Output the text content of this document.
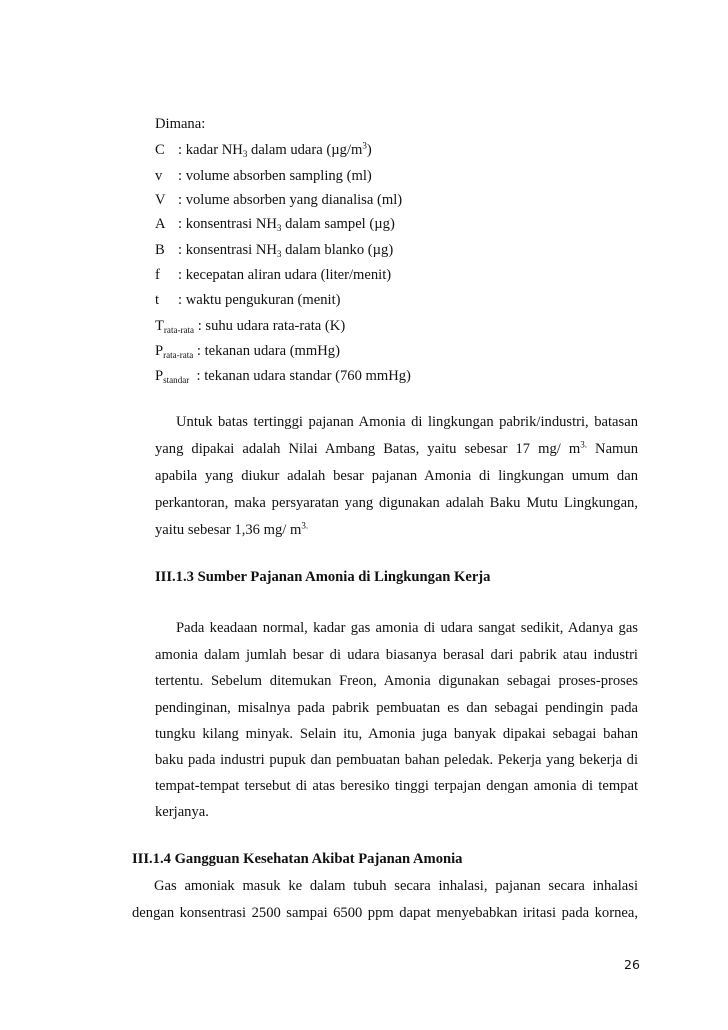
Dimana:
C : kadar $NH_3$ dalam udara $(\mu g/m^3)$
v : volume absorben sampling (ml)
V : volume absorben yang dianalisa (ml)
A : konsentrasi $NH_3$ dalam sampel (µg)
B : konsentrasi $NH_3$ dalam blanko (µg)
f : kecepatan aliran udara (liter/menit)
t : waktu pengukuran (menit)
$T_{rata-rata}$ : suhu udara rata-rata (K)
$P_{rata-rata}$ : tekanan udara (mmHg)
$P_{standar}$  : tekanan udara standar (760 mmHg)
Untuk batas tertinggi pajanan Amonia di lingkungan pabrik/industri, batasan
yang dipakai adalah Nilai Ambang Batas, yaitu sebesar 17 mg/ $m^{3.}$ Namun
apabila yang diukur adalah besar pajanan Amonia di lingkungan umum dan
perkantoran, maka persyaratan yang digunakan adalah Baku Mutu Lingkungan,
yaitu sebesar 1,36 mg/ $m^{3.}$
III.1.3 Sumber Pajanan Amonia di Lingkungan Kerja
Pada keadaan normal, kadar gas amonia di udara sangat sedikit, Adanya gas
amonia dalam jumlah besar di udara biasanya berasal dari pabrik atau industri
tertentu. Sebelum ditemukan Freon, Amonia digunakan sebagai proses-proses
pendinginan, misalnya pada pabrik pembuatan es dan sebagai pendingin pada
tungku kilang minyak. Selain itu, Amonia juga banyak dipakai sebagai bahan
baku pada industri pupuk dan pembuatan bahan peledak. Pekerja yang bekerja di
tempat-tempat tersebut di atas beresiko tinggi terpajan dengan amonia di tempat
kerjanya.
III.1.4 Gangguan Kesehatan Akibat Pajanan Amonia
Gas amoniak masuk ke dalam tubuh secara inhalasi, pajanan secara inhalasi
dengan konsentrasi 2500 sampai 6500 ppm dapat menyebabkan iritasi pada kornea,
26
